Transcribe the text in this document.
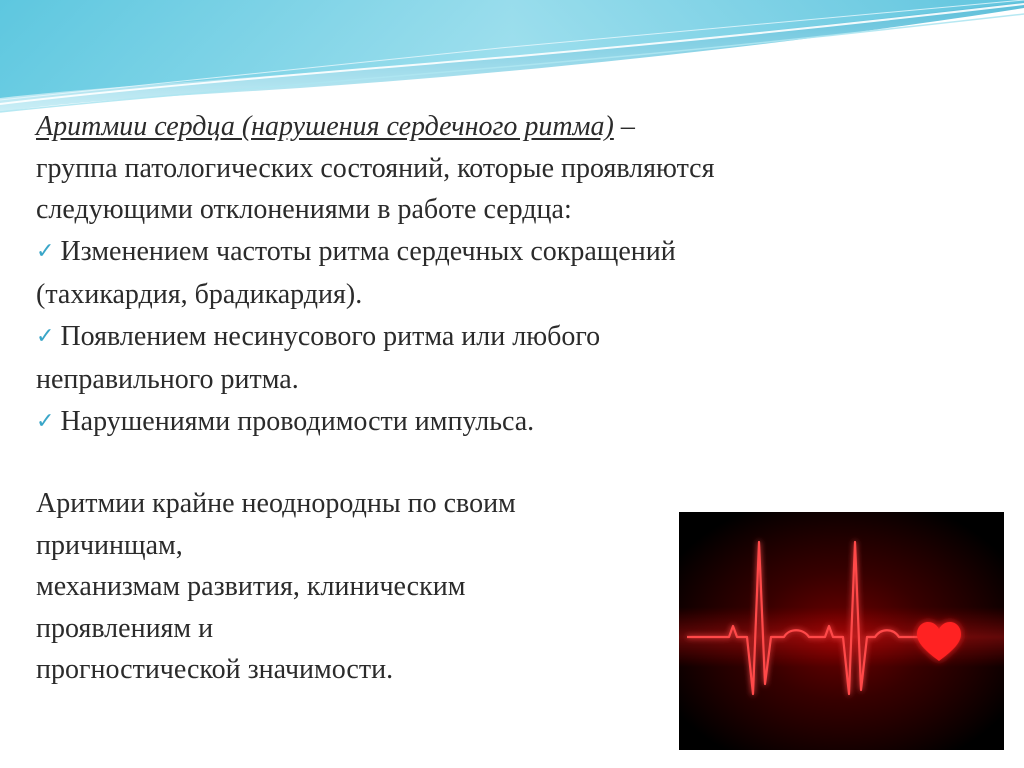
Аритмии сердца (нарушения сердечного ритма) –
группа патологических состояний, которые проявляются
следующими отклонениями в работе сердца:
✓ Изменением частоты ритма сердечных сокращений
(тахикардия, брадикардия).
✓ Появлением несинусового ритма или любого
неправильного ритма.
✓ Нарушениями проводимости импульса.
Аритмии крайне неоднородны по своим
причинщам,
механизмам развития, клиническим
проявлениям и
прогностической значимости.
